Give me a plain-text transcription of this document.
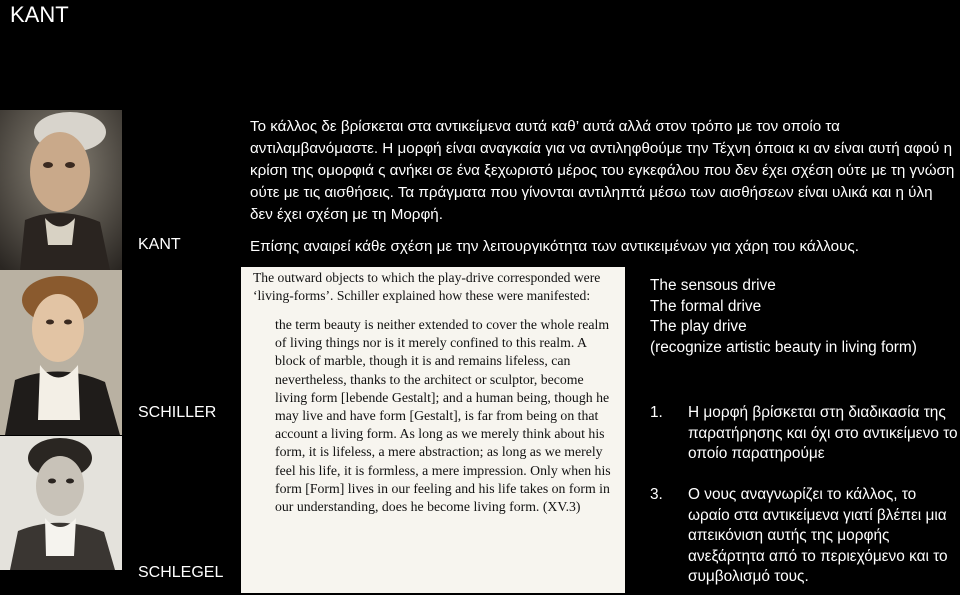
KANT
KANT
SCHILLER
SCHLEGEL
Το κάλλος δε βρίσκεται στα αντικείμενα αυτά καθ’ αυτά αλλά στον τρόπο με τον οποίο τα αντιλαμβανόμαστε. Η μορφή είναι αναγκαία για να αντιληφθούμε την Τέχνη όποια κι αν είναι αυτή αφού η κρίση της ομορφιά ς ανήκει σε ένα ξεχωριστό μέρος του εγκεφάλου που δεν έχει σχέση ούτε με τη γνώση ούτε με τις αισθήσεις. Τα πράγματα που γίνονται αντιληπτά μέσω των αισθήσεων είναι υλικά και η ύλη δεν έχει σχέση με τη Μορφή.
Επίσης αναιρεί κάθε σχέση με την λειτουργικότητα των αντικειμένων για χάρη του κάλλους.

The outward objects to which the play-drive corresponded were ‘living-forms’. Schiller explained how these were manifested:

the term beauty is neither extended to cover the whole realm of living things nor is it merely confined to this realm. A block of marble, though it is and remains lifeless, can nevertheless, thanks to the architect or sculptor, become living form [lebende Gestalt]; and a human being, though he may live and have form [Gestalt], is far from being on that account a living form. As long as we merely think about his form, it is lifeless, a mere abstraction; as long as we merely feel his life, it is formless, a mere impression. Only when his form [Form] lives in our feeling and his life takes on form in our understanding, does he become living form. (XV.3)

The sensous drive
The formal drive
The play drive
(recognize artistic beauty in living form)
1. Η μορφή βρίσκεται στη διαδικασία της παρατήρησης και όχι στο αντικείμενο το οποίο παρατηρούμε
3. Ο νους αναγνωρίζει το κάλλος, το ωραίο στα αντικείμενα γιατί βλέπει μια απεικόνιση αυτής της μορφής ανεξάρτητα από το περιεχόμενο και το συμβολισμό τους.
